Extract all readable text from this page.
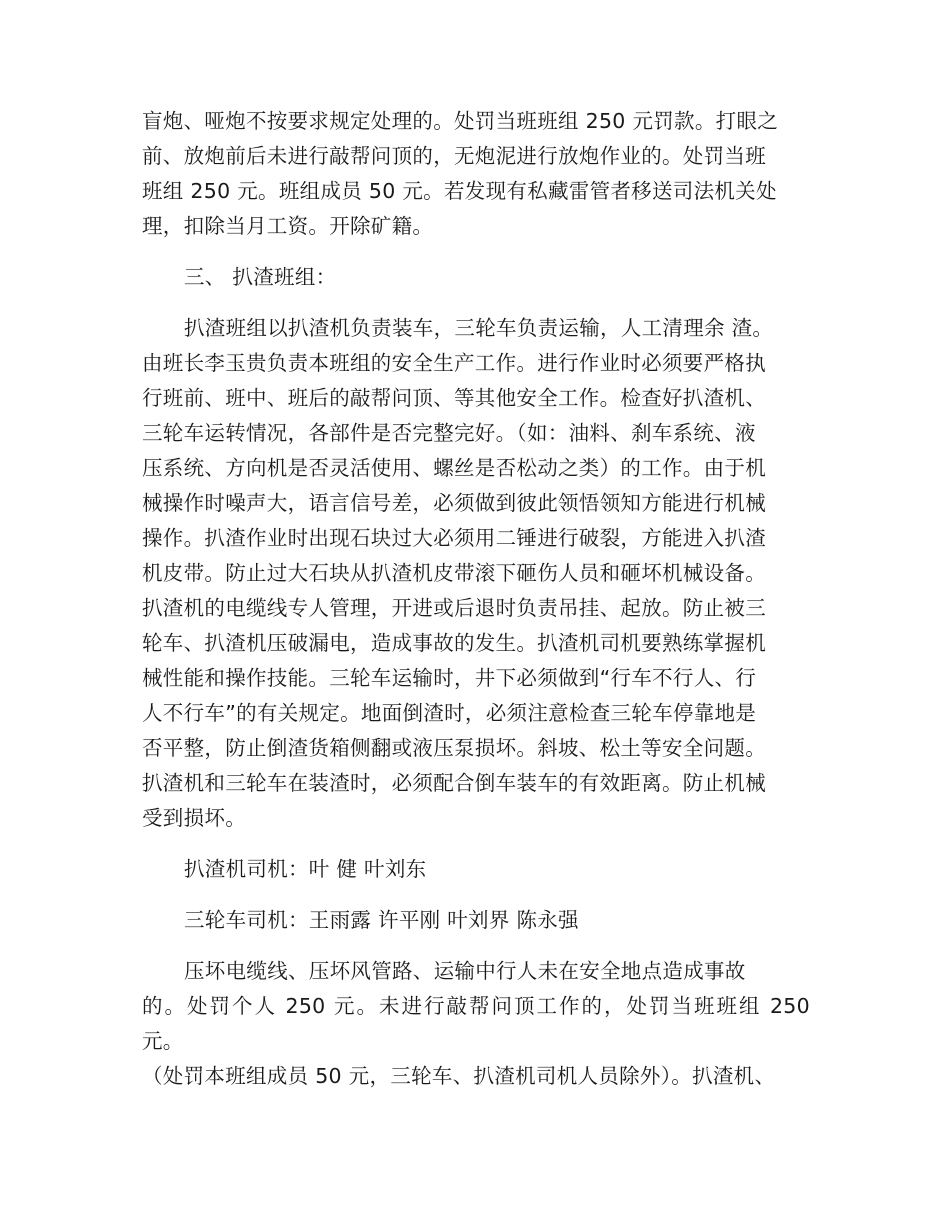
盲炮、哑炮不按要求规定处理的。处罚当班班组 250 元罚款。打眼之
前、放炮前后未进行敲帮问顶的，无炮泥进行放炮作业的。处罚当班
班组 250 元。班组成员 50 元。若发现有私藏雷管者移送司法机关处
理，扣除当月工资。开除矿籍。

三、 扒渣班组：

扒渣班组以扒渣机负责装车，三轮车负责运输，人工清理余 渣。
由班长李玉贵负责本班组的安全生产工作。进行作业时必须要严格执
行班前、班中、班后的敲帮问顶、等其他安全工作。检查好扒渣机、
三轮车运转情况，各部件是否完整完好。（如：油料、刹车系统、液
压系统、方向机是否灵活使用、螺丝是否松动之类）的工作。由于机
械操作时噪声大，语言信号差，必须做到彼此领悟领知方能进行机械
操作。扒渣作业时出现石块过大必须用二锤进行破裂，方能进入扒渣
机皮带。防止过大石块从扒渣机皮带滚下砸伤人员和砸坏机械设备。
扒渣机的电缆线专人管理，开进或后退时负责吊挂、起放。防止被三
轮车、扒渣机压破漏电，造成事故的发生。扒渣机司机要熟练掌握机
械性能和操作技能。三轮车运输时，井下必须做到“行车不行人、行
人不行车”的有关规定。地面倒渣时，必须注意检查三轮车停靠地是
否平整，防止倒渣货箱侧翻或液压泵损坏。斜坡、松土等安全问题。
扒渣机和三轮车在装渣时，必须配合倒车装车的有效距离。防止机械
受到损坏。

扒渣机司机：叶 健 叶刘东

三轮车司机：王雨露 许平刚 叶刘界 陈永强

压坏电缆线、压坏风管路、运输中行人未在安全地点造成事故
的。处罚个人 250 元。未进行敲帮问顶工作的，处罚当班班组 250 元。
（处罚本班组成员 50 元，三轮车、扒渣机司机人员除外）。扒渣机、
